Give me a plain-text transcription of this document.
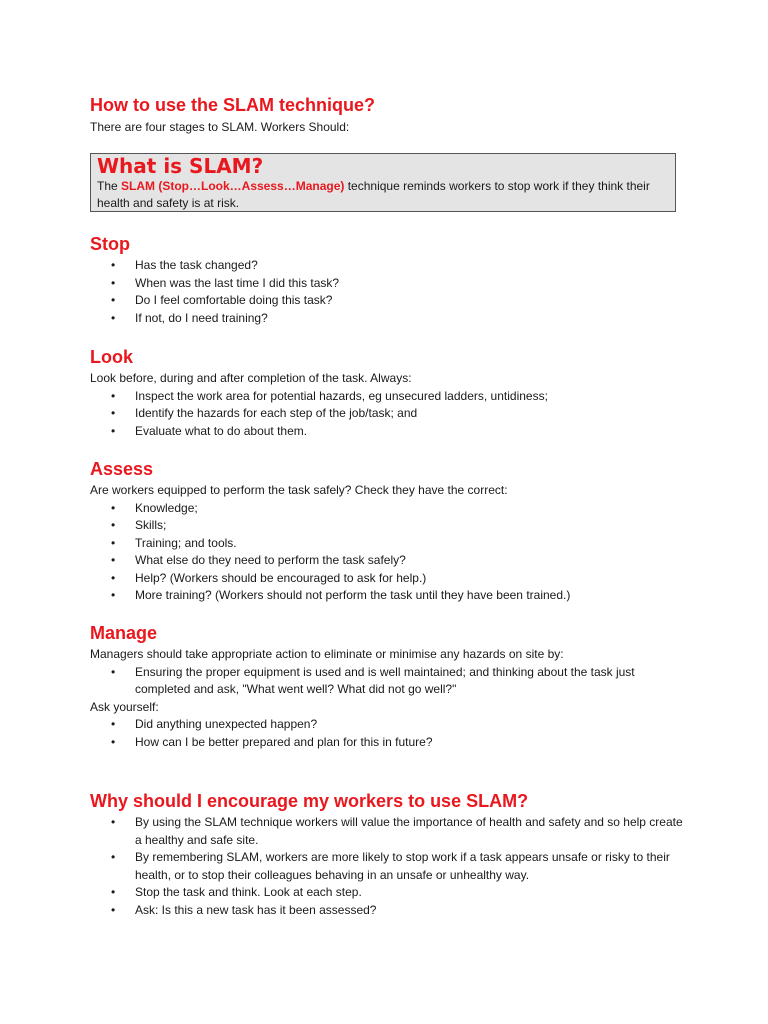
How to use the SLAM technique?

There are four stages to SLAM. Workers Should:

What is SLAM?

The SLAM (Stop…Look…Assess…Manage) technique reminds workers to stop work if they think their health and safety is at risk.

Stop
• Has the task changed?
• When was the last time I did this task?
• Do I feel comfortable doing this task?
• If not, do I need training?
Look

Look before, during and after completion of the task. Always:

• Inspect the work area for potential hazards, eg unsecured ladders, untidiness;
• Identify the hazards for each step of the job/task; and
• Evaluate what to do about them.
Assess

Are workers equipped to perform the task safely? Check they have the correct:

• Knowledge;
• Skills;
• Training; and tools.
• What else do they need to perform the task safely?
• Help? (Workers should be encouraged to ask for help.)
• More training? (Workers should not perform the task until they have been trained.)
Manage

Managers should take appropriate action to eliminate or minimise any hazards on site by:

• Ensuring the proper equipment is used and is well maintained; and thinking about the task just completed and ask, "What went well? What did not go well?"

Ask yourself:

• Did anything unexpected happen?
• How can I be better prepared and plan for this in future?
Why should I encourage my workers to use SLAM?
• By using the SLAM technique workers will value the importance of health and safety and so help create a healthy and safe site.
• By remembering SLAM, workers are more likely to stop work if a task appears unsafe or risky to their health, or to stop their colleagues behaving in an unsafe or unhealthy way.
• Stop the task and think. Look at each step.
• Ask: Is this a new task has it been assessed?
